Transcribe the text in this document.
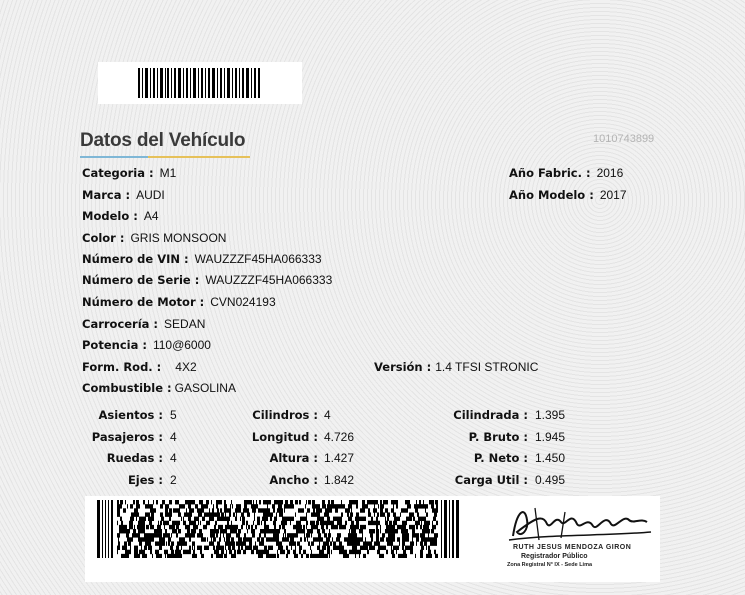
Datos del Vehículo	1010743899
Categoria : M1
Marca : AUDI
Modelo : A4
Color : GRIS MONSOON
Número de VIN : WAUZZZF45HA066333
Número de Serie : WAUZZZF45HA066333
Número de Motor : CVN024193
Carrocería : SEDAN
Potencia : 110@6000
Form. Rod. : 4X2
Combustible : GASOLINA
Año Fabric. : 2016
Año Modelo : 2017
Versión : 1.4 TFSI STRONIC
Asientos : 5
Pasajeros : 4
Ruedas : 4
Ejes : 2
Cilindros : 4
Longitud : 4.726
Altura : 1.427
Ancho : 1.842
Cilindrada : 1.395
P. Bruto : 1.945
P. Neto : 1.450
Carga Util : 0.495
RUTH JESUS MENDOZA GIRON
Registrador Público
Zona Registral N° IX - Sede Lima
